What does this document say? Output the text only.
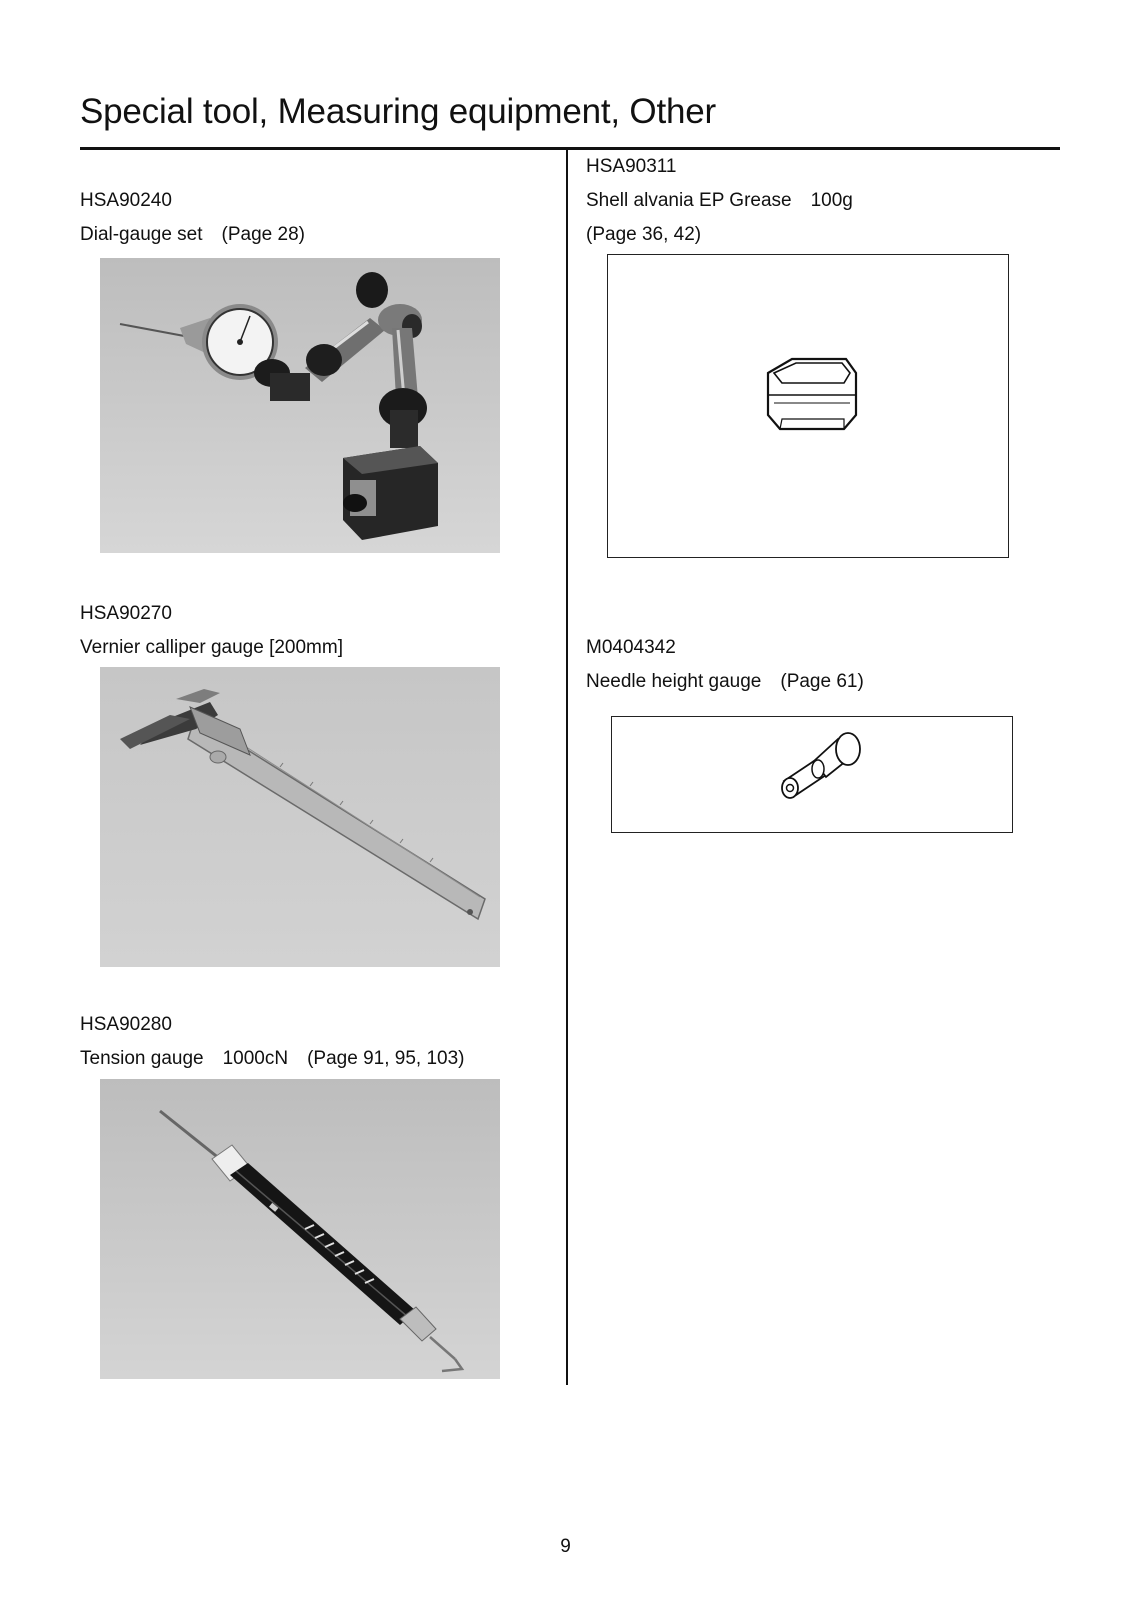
Special tool, Measuring equipment, Other
HSA90240
Dial-gauge set　(Page 28)
HSA90270
Vernier calliper gauge [200mm]
HSA90280
Tension gauge　1000cN　(Page 91, 95, 103)
HSA90311
Shell alvania EP Grease　100g
(Page 36, 42)
M0404342
Needle height gauge　(Page 61)
9
